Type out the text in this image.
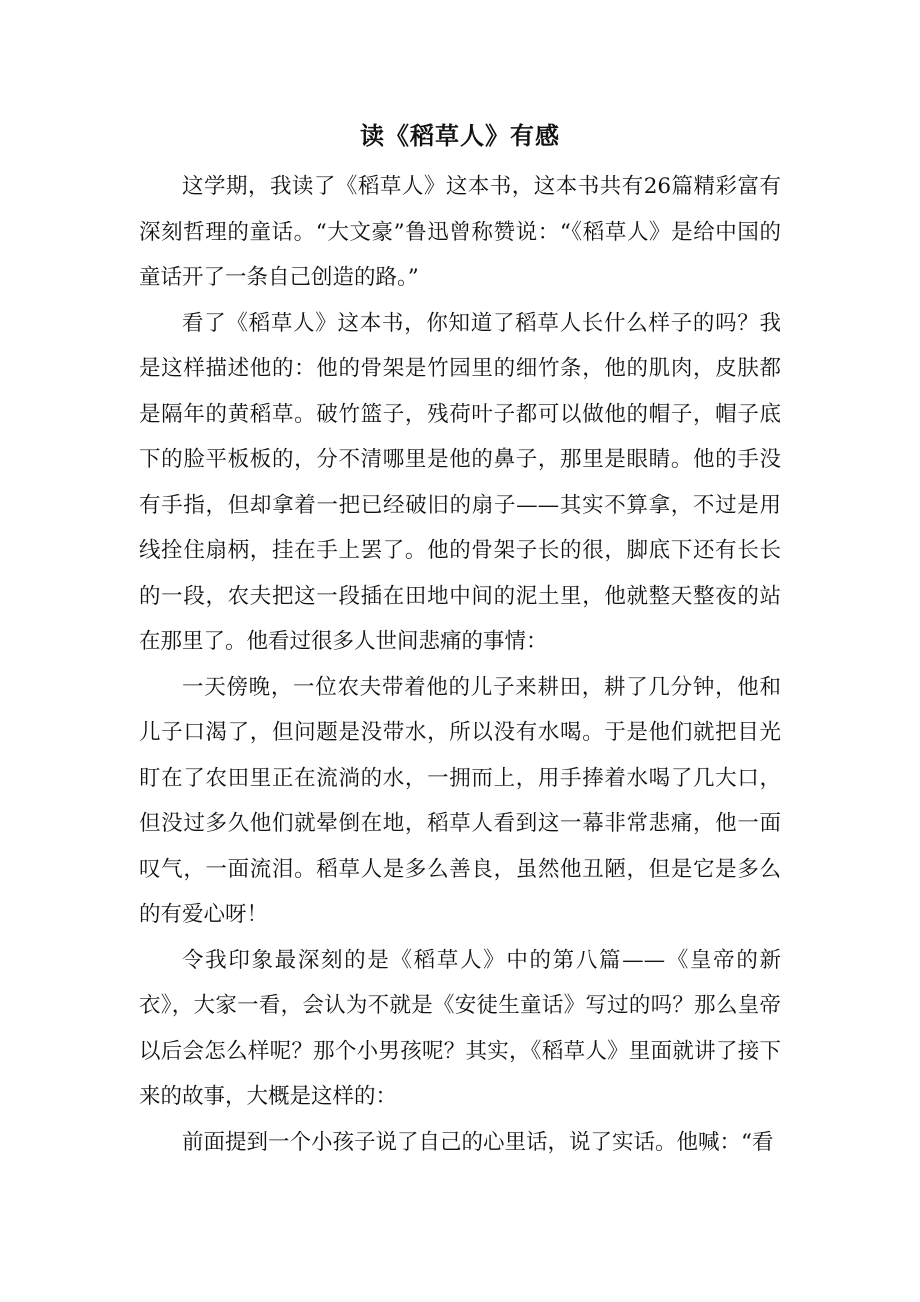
读《稻草人》有感

这学期，我读了《稻草人》这本书，这本书共有26篇精彩富有深刻哲理的童话。“大文豪”鲁迅曾称赞说：“《稻草人》是给中国的童话开了一条自己创造的路。”

看了《稻草人》这本书，你知道了稻草人长什么样子的吗？我是这样描述他的：他的骨架是竹园里的细竹条，他的肌肉，皮肤都是隔年的黄稻草。破竹篮子，残荷叶子都可以做他的帽子，帽子底下的脸平板板的，分不清哪里是他的鼻子，那里是眼睛。他的手没有手指，但却拿着一把已经破旧的扇子——其实不算拿，不过是用线拴住扇柄，挂在手上罢了。他的骨架子长的很，脚底下还有长长的一段，农夫把这一段插在田地中间的泥土里，他就整天整夜的站在那里了。他看过很多人世间悲痛的事情：

一天傍晚，一位农夫带着他的儿子来耕田，耕了几分钟，他和儿子口渴了，但问题是没带水，所以没有水喝。于是他们就把目光盯在了农田里正在流淌的水，一拥而上，用手捧着水喝了几大口，但没过多久他们就晕倒在地，稻草人看到这一幕非常悲痛，他一面叹气，一面流泪。稻草人是多么善良，虽然他丑陋，但是它是多么的有爱心呀！

令我印象最深刻的是《稻草人》中的第八篇——《皇帝的新衣》，大家一看，会认为不就是《安徒生童话》写过的吗？那么皇帝以后会怎么样呢？那个小男孩呢？其实，《稻草人》里面就讲了接下来的故事，大概是这样的：

前面提到一个小孩子说了自己的心里话，说了实话。他喊：“看
